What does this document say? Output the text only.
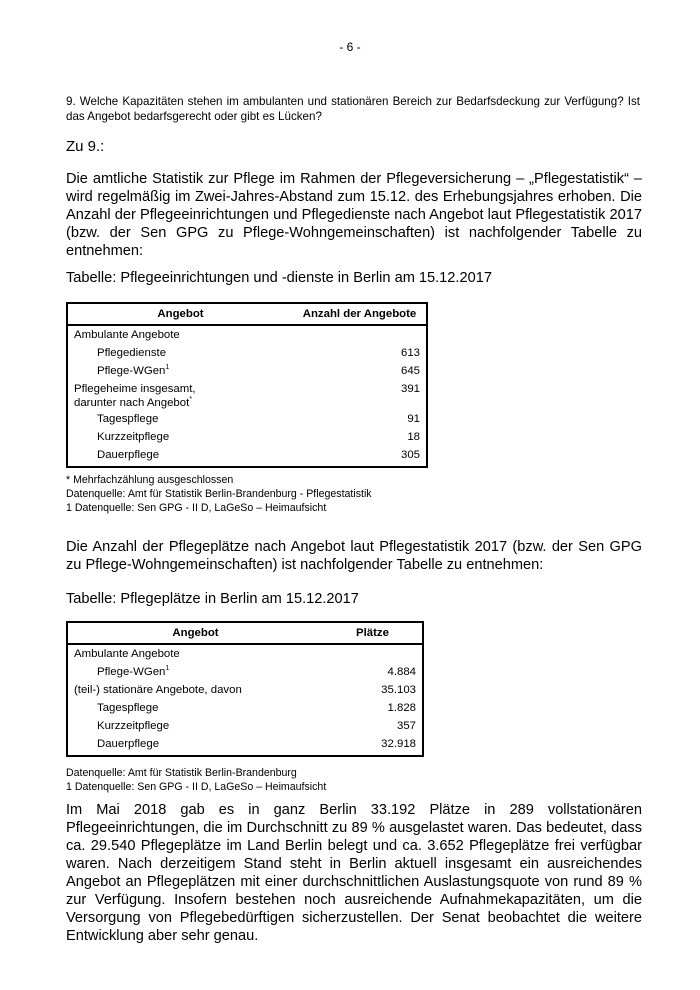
- 6 -
9. Welche Kapazitäten stehen im ambulanten und stationären Bereich zur Bedarfsdeckung zur Verfügung? Ist das Angebot bedarfsgerecht oder gibt es Lücken?
Zu 9.:
Die amtliche Statistik zur Pflege im Rahmen der Pflegeversicherung – „Pflegestatistik“ – wird regelmäßig im Zwei-Jahres-Abstand zum 15.12. des Erhebungsjahres erhoben. Die Anzahl der Pflegeeinrichtungen und Pflegedienste nach Angebot laut Pflegestatistik 2017 (bzw. der Sen GPG zu Pflege-Wohngemeinschaften) ist nachfolgender Tabelle zu entnehmen:
Tabelle: Pflegeeinrichtungen und -dienste in Berlin am 15.12.2017
Angebot	Anzahl der Angebote
Ambulante Angebote	
Pflegedienste	613
Pflege-WGen$^1$	645
Pflegeheime insgesamt,
darunter nach Angebot*	391
Tagespflege	91
Kurzzeitpflege	18
Dauerpflege	305
* Mehrfachzählung ausgeschlossen
Datenquelle: Amt für Statistik Berlin-Brandenburg - Pflegestatistik
1 Datenquelle: Sen GPG - II D, LaGeSo – Heimaufsicht
Die Anzahl der Pflegeplätze nach Angebot laut Pflegestatistik 2017 (bzw. der Sen GPG zu Pflege-Wohngemeinschaften) ist nachfolgender Tabelle zu entnehmen:
Tabelle: Pflegeplätze in Berlin am 15.12.2017
Angebot	Plätze
Ambulante Angebote	
Pflege-WGen$^1$	4.884
(teil-) stationäre Angebote, davon	35.103
Tagespflege	1.828
Kurzzeitpflege	357
Dauerpflege	32.918
Datenquelle: Amt für Statistik Berlin-Brandenburg
1 Datenquelle: Sen GPG - II D, LaGeSo – Heimaufsicht
Im Mai 2018 gab es in ganz Berlin 33.192 Plätze in 289 vollstationären Pflegeeinrichtungen, die im Durchschnitt zu 89 % ausgelastet waren. Das bedeutet, dass ca. 29.540 Pflegeplätze im Land Berlin belegt und ca. 3.652 Pflegeplätze frei verfügbar waren. Nach derzeitigem Stand steht in Berlin aktuell insgesamt ein ausreichendes Angebot an Pflegeplätzen mit einer durchschnittlichen Auslastungsquote von rund 89 % zur Verfügung. Insofern bestehen noch ausreichende Aufnahmekapazitäten, um die Versorgung von Pflegebedürftigen sicherzustellen. Der Senat beobachtet die weitere Entwicklung aber sehr genau.
